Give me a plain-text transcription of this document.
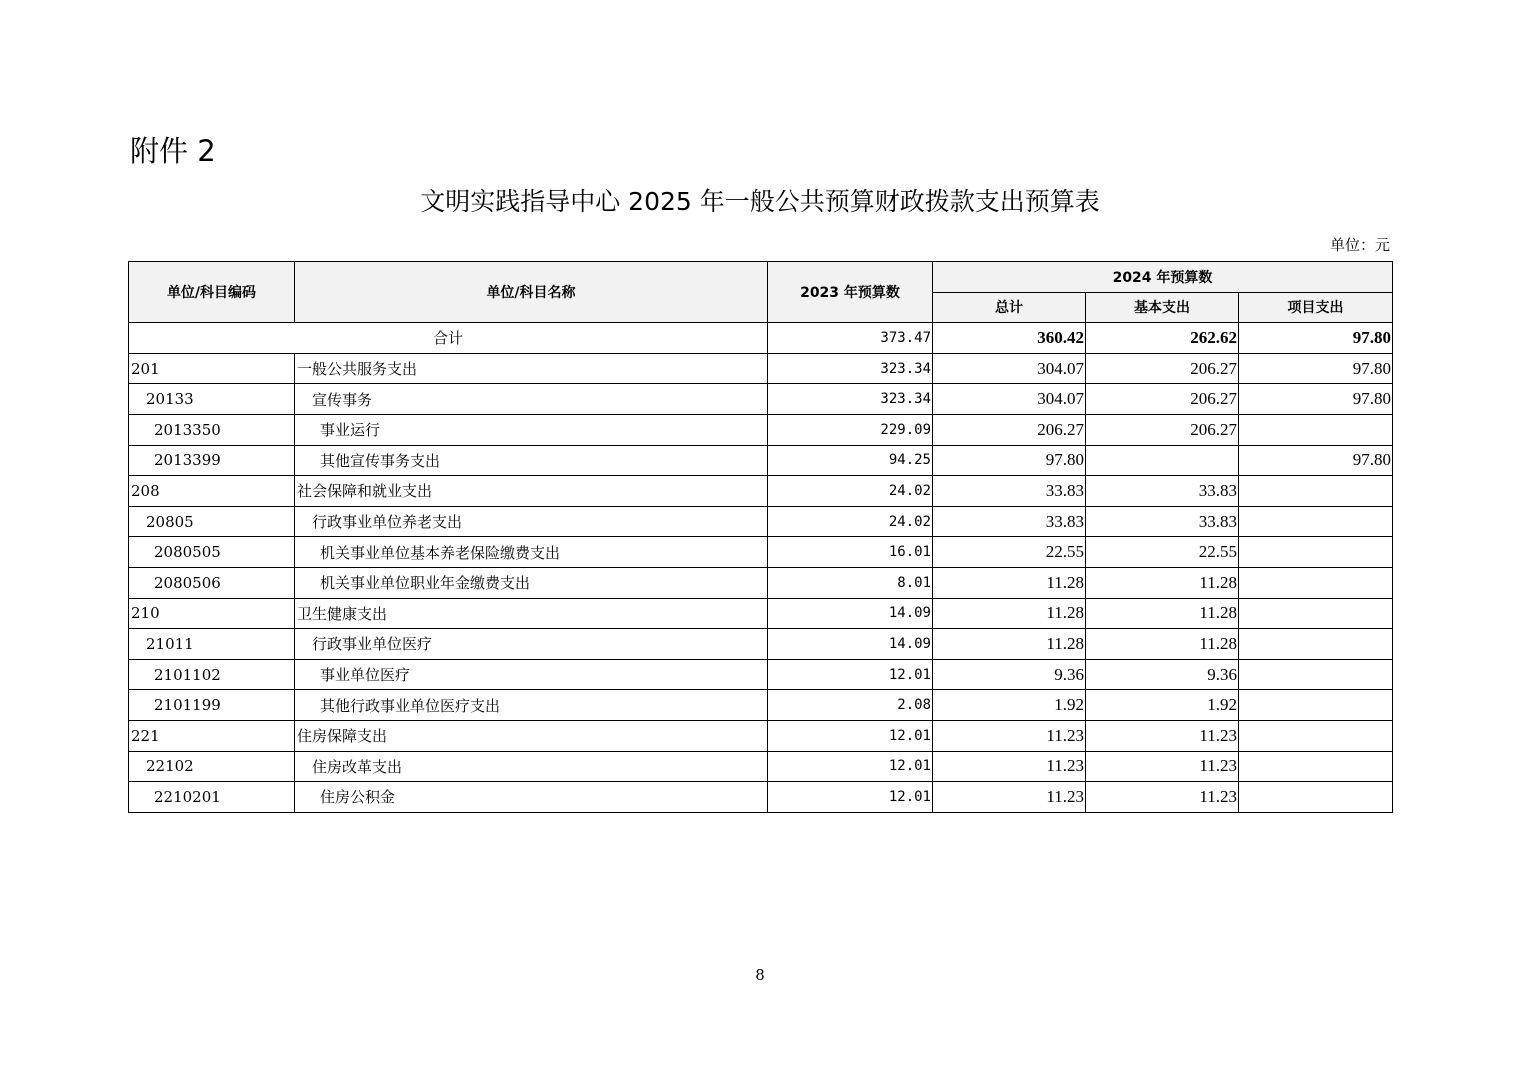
附件 2
文明实践指导中心 2025 年一般公共预算财政拨款支出预算表
单位：元
单位/科目编码	单位/科目名称	2023 年预算数	2024 年预算数		
			总计	基本支出	项目支出
合计		373.47	360.42	262.62	97.80
201	一般公共服务支出	323.34	304.07	206.27	97.80
20133	宣传事务	323.34	304.07	206.27	97.80
2013350	事业运行	229.09	206.27	206.27	
2013399	其他宣传事务支出	94.25	97.80		97.80
208	社会保障和就业支出	24.02	33.83	33.83	
20805	行政事业单位养老支出	24.02	33.83	33.83	
2080505	机关事业单位基本养老保险缴费支出	16.01	22.55	22.55	
2080506	机关事业单位职业年金缴费支出	8.01	11.28	11.28	
210	卫生健康支出	14.09	11.28	11.28	
21011	行政事业单位医疗	14.09	11.28	11.28	
2101102	事业单位医疗	12.01	9.36	9.36	
2101199	其他行政事业单位医疗支出	2.08	1.92	1.92	
221	住房保障支出	12.01	11.23	11.23	
22102	住房改革支出	12.01	11.23	11.23	
2210201	住房公积金	12.01	11.23	11.23	
8
